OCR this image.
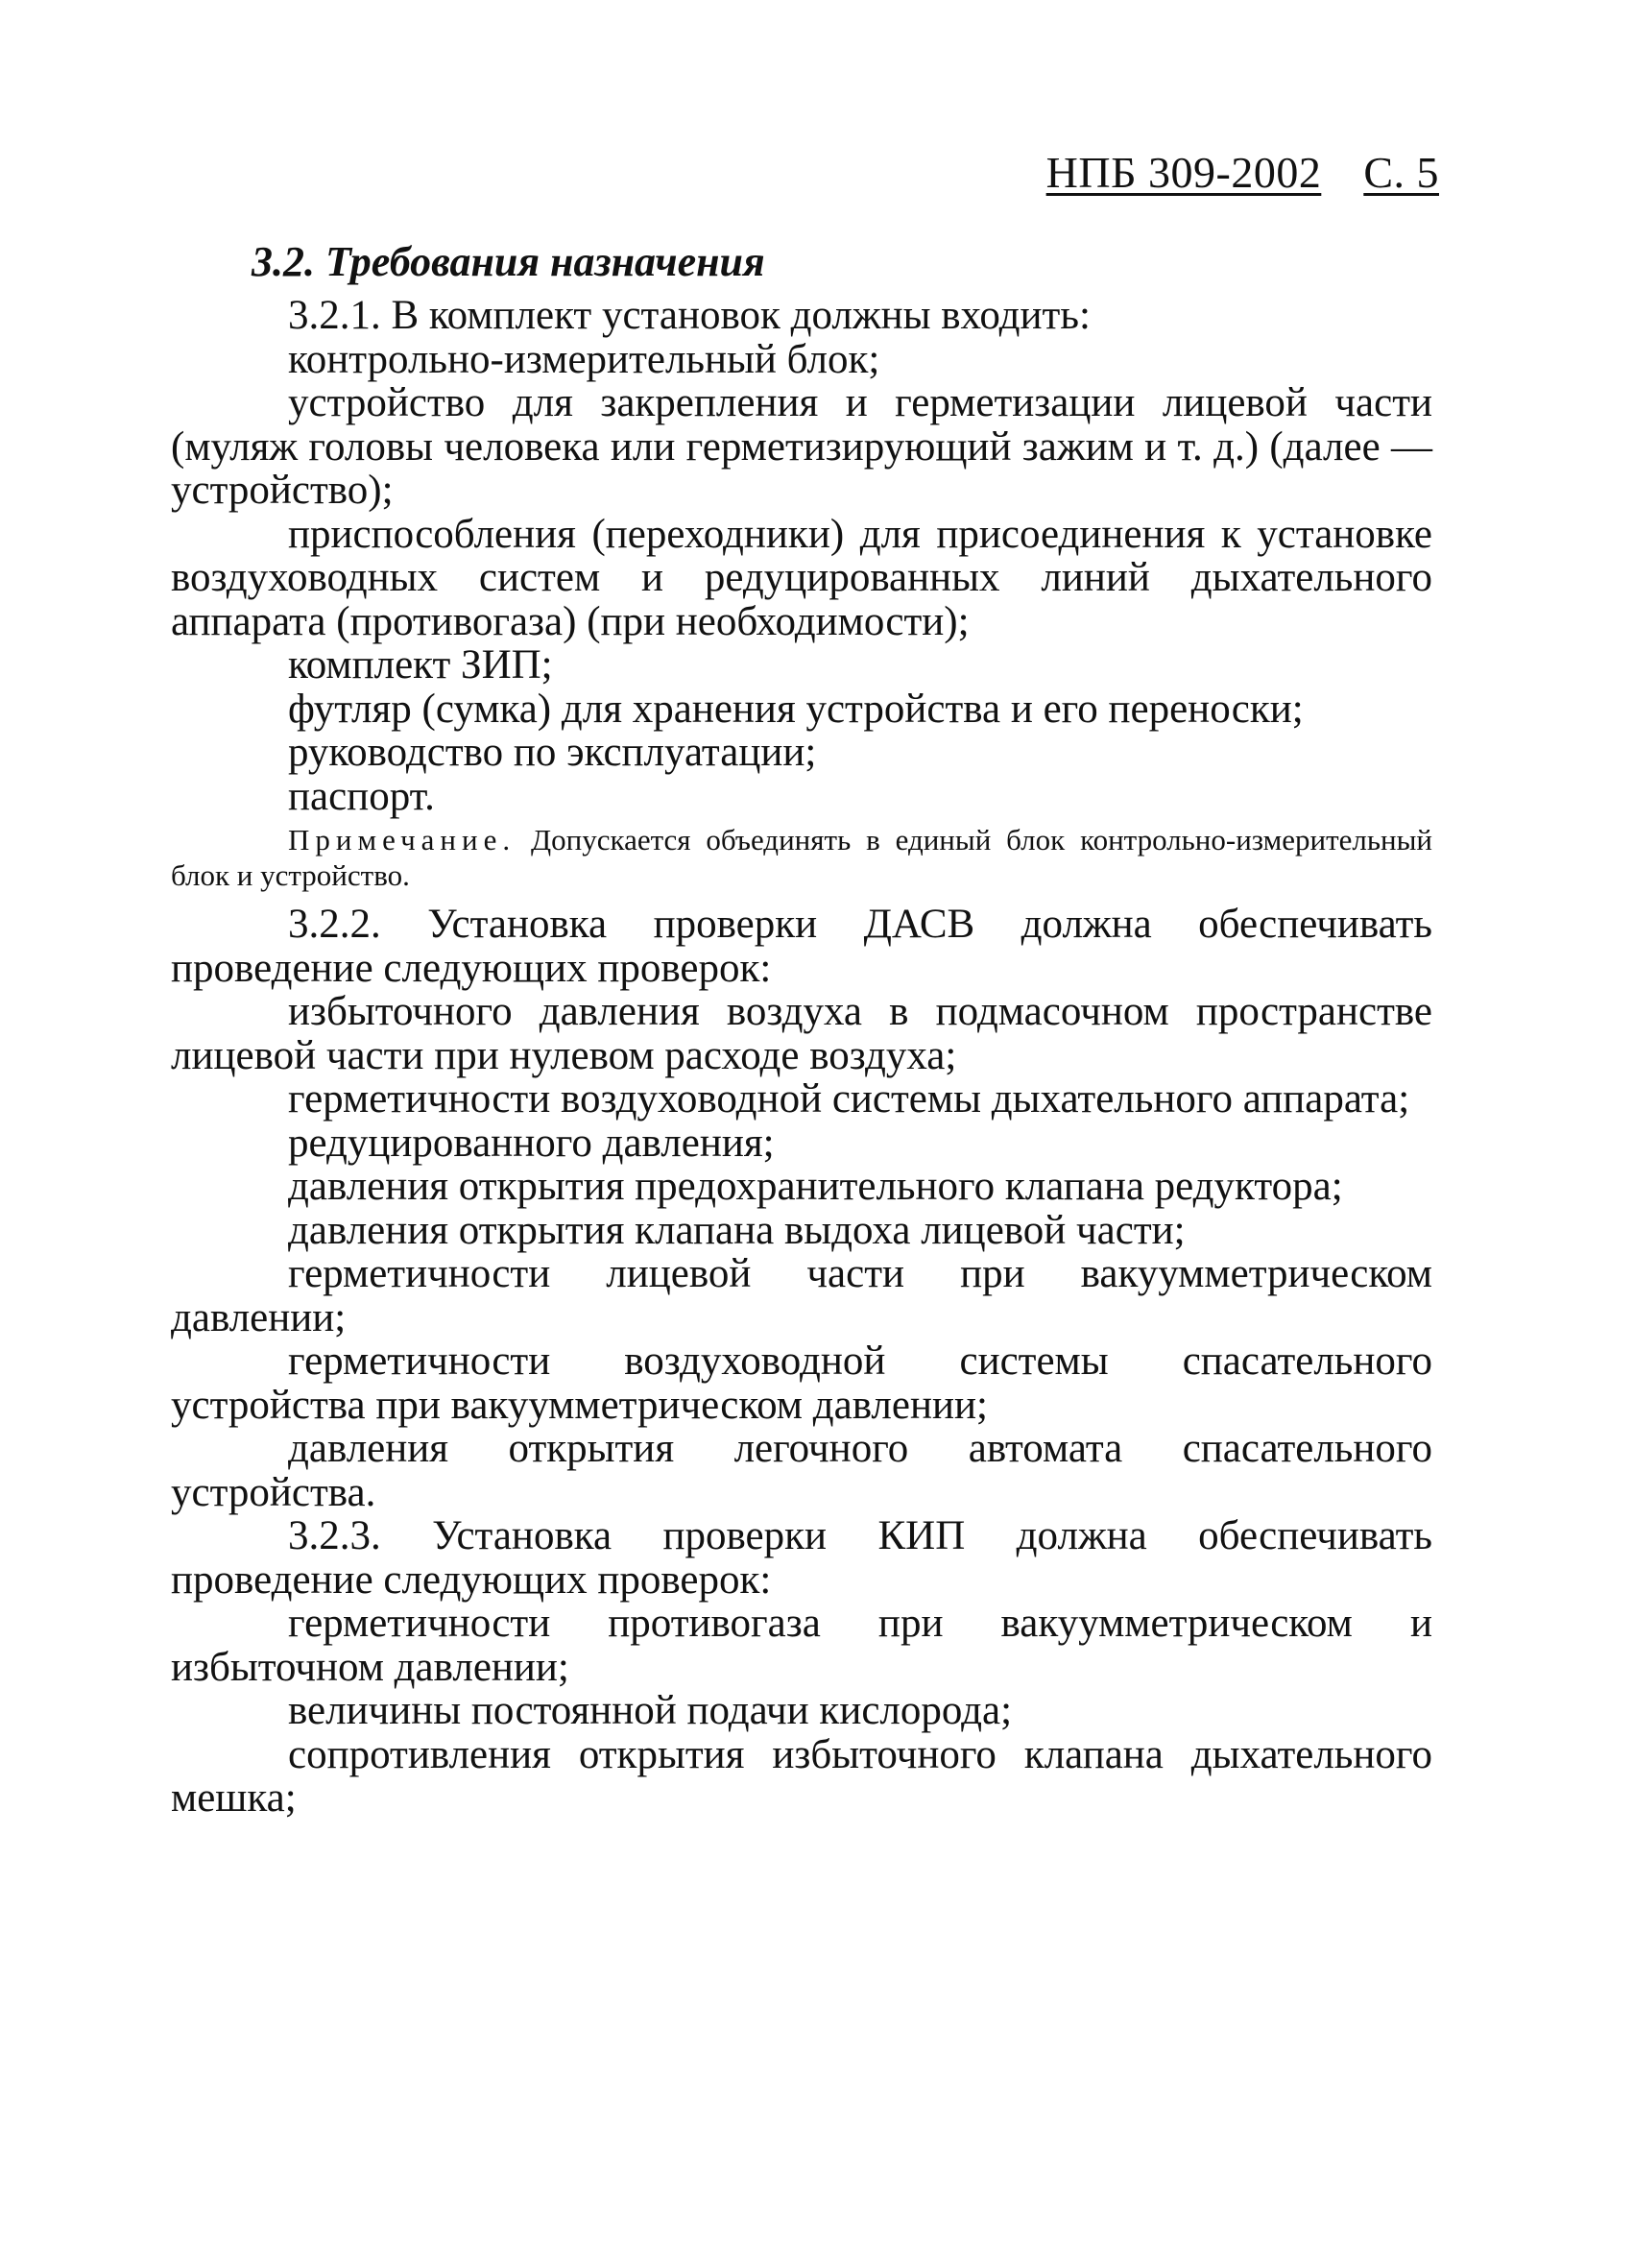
НПБ 309-2002 С. 5
3.2. Требования назначения

3.2.1. В комплект установок должны входить:

контрольно-измерительный блок;

устройство для закрепления и герметизации лицевой части (муляж головы человека или герметизирующий зажим и т. д.) (далее — устройство);

приспособления (переходники) для присоединения к установке воздуховодных систем и редуцированных линий дыхательного аппарата (противогаза) (при необходимости);

комплект ЗИП;

футляр (сумка) для хранения устройства и его переноски;

руководство по эксплуатации;

паспорт.

Примечание. Допускается объединять в единый блок контрольно-измерительный блок и устройство.

3.2.2. Установка проверки ДАСВ должна обеспечивать проведение следующих проверок:

избыточного давления воздуха в подмасочном пространстве лицевой части при нулевом расходе воздуха;

герметичности воздуховодной системы дыхательного аппарата;

редуцированного давления;

давления открытия предохранительного клапана редуктора;

давления открытия клапана выдоха лицевой части;

герметичности лицевой части при вакуумметрическом давлении;

герметичности воздуховодной системы спасательного устройства при вакуумметрическом давлении;

давления открытия легочного автомата спасательного устройства.

3.2.3. Установка проверки КИП должна обеспечивать проведение следующих проверок:

герметичности противогаза при вакуумметрическом и избыточном давлении;

величины постоянной подачи кислорода;

сопротивления открытия избыточного клапана дыхательного мешка;
